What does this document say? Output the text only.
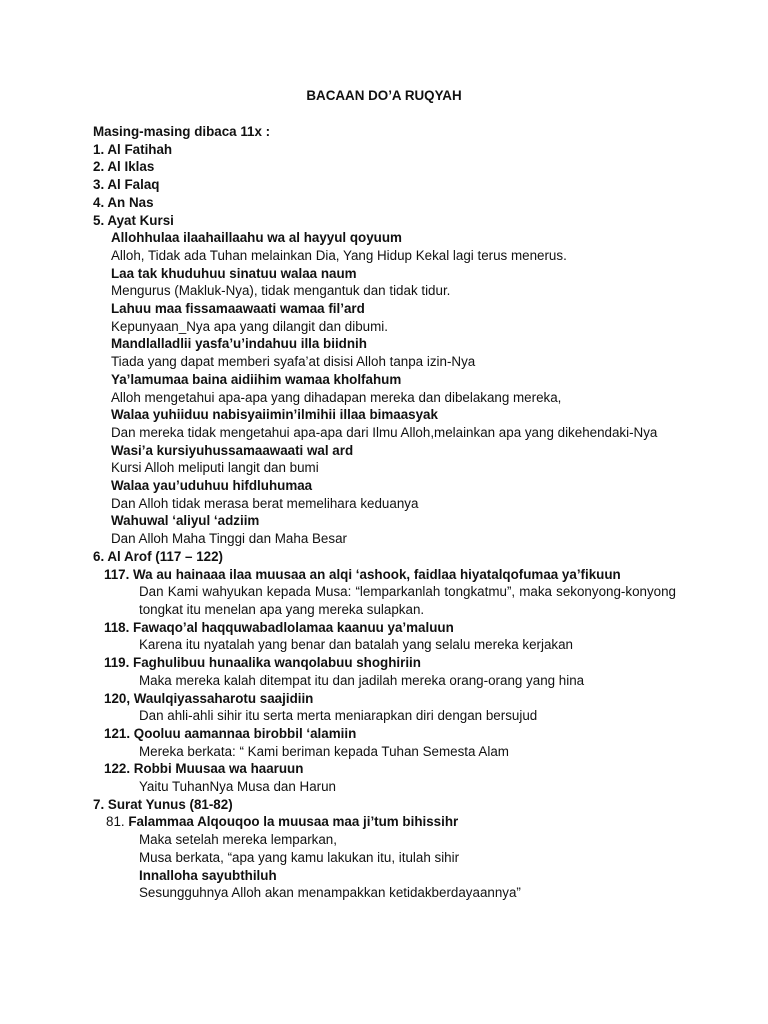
BACAAN DO’A RUQYAH
Masing-masing dibaca 11x :
1. Al Fatihah
2. Al Iklas
3. Al Falaq
4. An Nas
5. Ayat Kursi
Allohhulaa ilaahaillaahu wa al hayyul qoyuum
Alloh, Tidak ada Tuhan melainkan Dia, Yang Hidup Kekal lagi terus menerus.
Laa tak khuduhuu sinatuu walaa naum
Mengurus (Makluk-Nya), tidak mengantuk dan tidak tidur.
Lahuu maa fissamaawaati wamaa fil’ard
Kepunyaan_Nya apa yang dilangit dan dibumi.
Mandlalladlii yasfa’u’indahuu illa biidnih
Tiada yang dapat memberi syafa’at disisi Alloh tanpa izin-Nya
Ya’lamumaa baina aidiihim wamaa kholfahum
Alloh mengetahui apa-apa yang dihadapan mereka dan dibelakang mereka,
Walaa yuhiiduu nabisyaiimin’ilmihii illaa bimaasyak
Dan mereka tidak mengetahui apa-apa dari Ilmu Alloh,melainkan apa yang dikehendaki-Nya
Wasi’a kursiyuhussamaawaati wal ard
Kursi Alloh meliputi langit dan bumi
Walaa yau’uduhuu hifdluhumaa
Dan Alloh tidak merasa berat memelihara keduanya
Wahuwal ‘aliyul ‘adziim
Dan Alloh Maha Tinggi dan Maha Besar
6. Al Arof (117 – 122)
117. Wa au hainaaa ilaa muusaa an alqi ‘ashook, faidlaa hiyatalqofumaa ya’fikuun
Dan Kami wahyukan kepada Musa: “lemparkanlah tongkatmu”, maka sekonyong-konyong tongkat itu menelan apa yang mereka sulapkan.
118. Fawaqo’al haqquwabadlolamaa kaanuu ya’maluun
Karena itu nyatalah yang benar dan batalah yang selalu mereka kerjakan
119. Faghulibuu hunaalika wanqolabuu shoghiriin
Maka mereka kalah ditempat itu dan jadilah mereka orang-orang yang hina
120, Waulqiyassaharotu saajidiin
Dan ahli-ahli sihir itu serta merta meniarapkan diri dengan bersujud
121. Qooluu aamannaa birobbil ‘alamiin
Mereka berkata: “ Kami beriman kepada Tuhan Semesta Alam
122. Robbi Muusaa wa haaruun
Yaitu TuhanNya Musa dan Harun
7. Surat Yunus (81-82)
81. Falammaa Alqouqoo la muusaa maa ji’tum bihissihr
Maka setelah mereka lemparkan,
Musa berkata, “apa yang kamu lakukan itu, itulah sihir
Innalloha sayubthiluh
Sesungguhnya Alloh akan menampakkan ketidakberdayaannya”
